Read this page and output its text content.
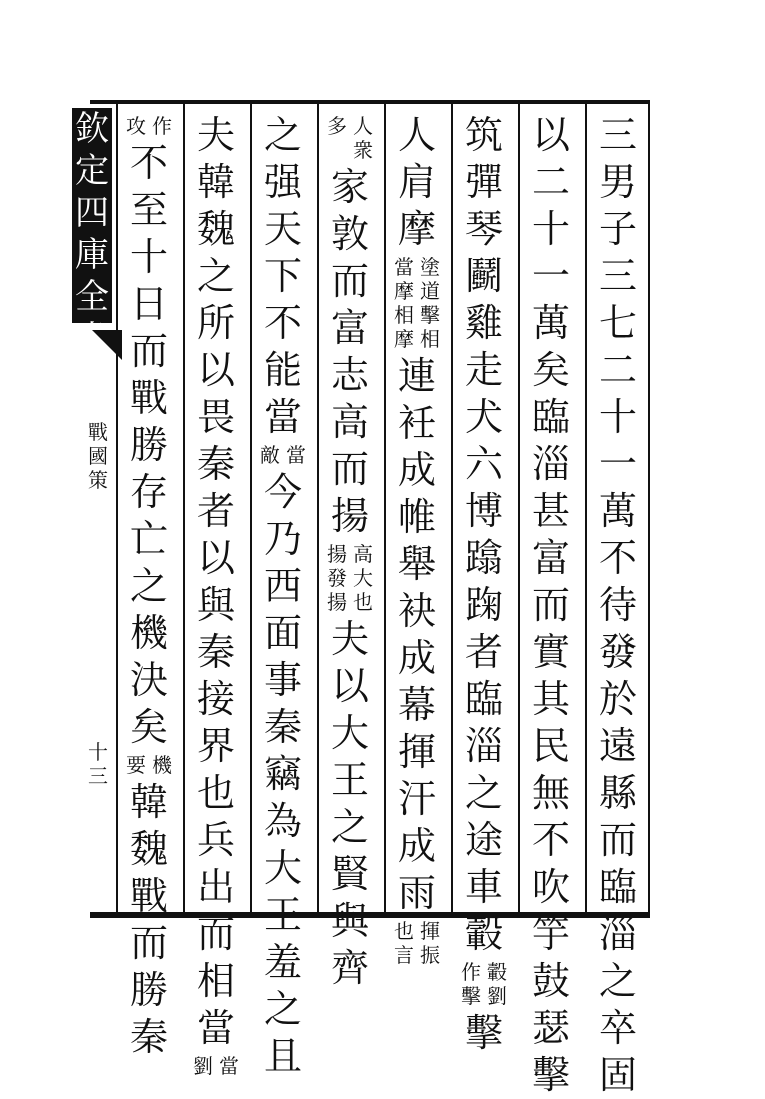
欽
定
四
庫
全
書
戰
國
策
十
三
三
男
子
三
七
二
十
一
萬
不
待
發
於
遠
縣
而
臨
淄
之
卒
固
以
二
十
一
萬
矣
臨
淄
甚
富
而
實
其
民
無
不
吹
竽
鼓
瑟
擊
筑
彈
琴
鬬
雞
走
犬
六
博
蹹
踘
者
臨
淄
之
途
車
轂
轂
劉
作
擊
擊
人
肩
摩
塗
道
擊
相
當
摩
相
摩
連
衽
成
帷
舉
袂
成
幕
揮
汗
成
雨
揮
振
也
言
人
衆
多
家
敦
而
富
志
高
而
揚
高
大
也
揚
發
揚
夫
以
大
王
之
賢
與
齊
之
强
天
下
不
能
當
當
敵
今
乃
西
面
事
秦
竊
為
大
王
羞
之
且
夫
韓
魏
之
所
以
畏
秦
者
以
與
秦
接
界
也
兵
出
而
相
當
當
劉
作
攻
不
至
十
日
而
戰
勝
存
亡
之
機
決
矣
機
要
韓
魏
戰
而
勝
秦
